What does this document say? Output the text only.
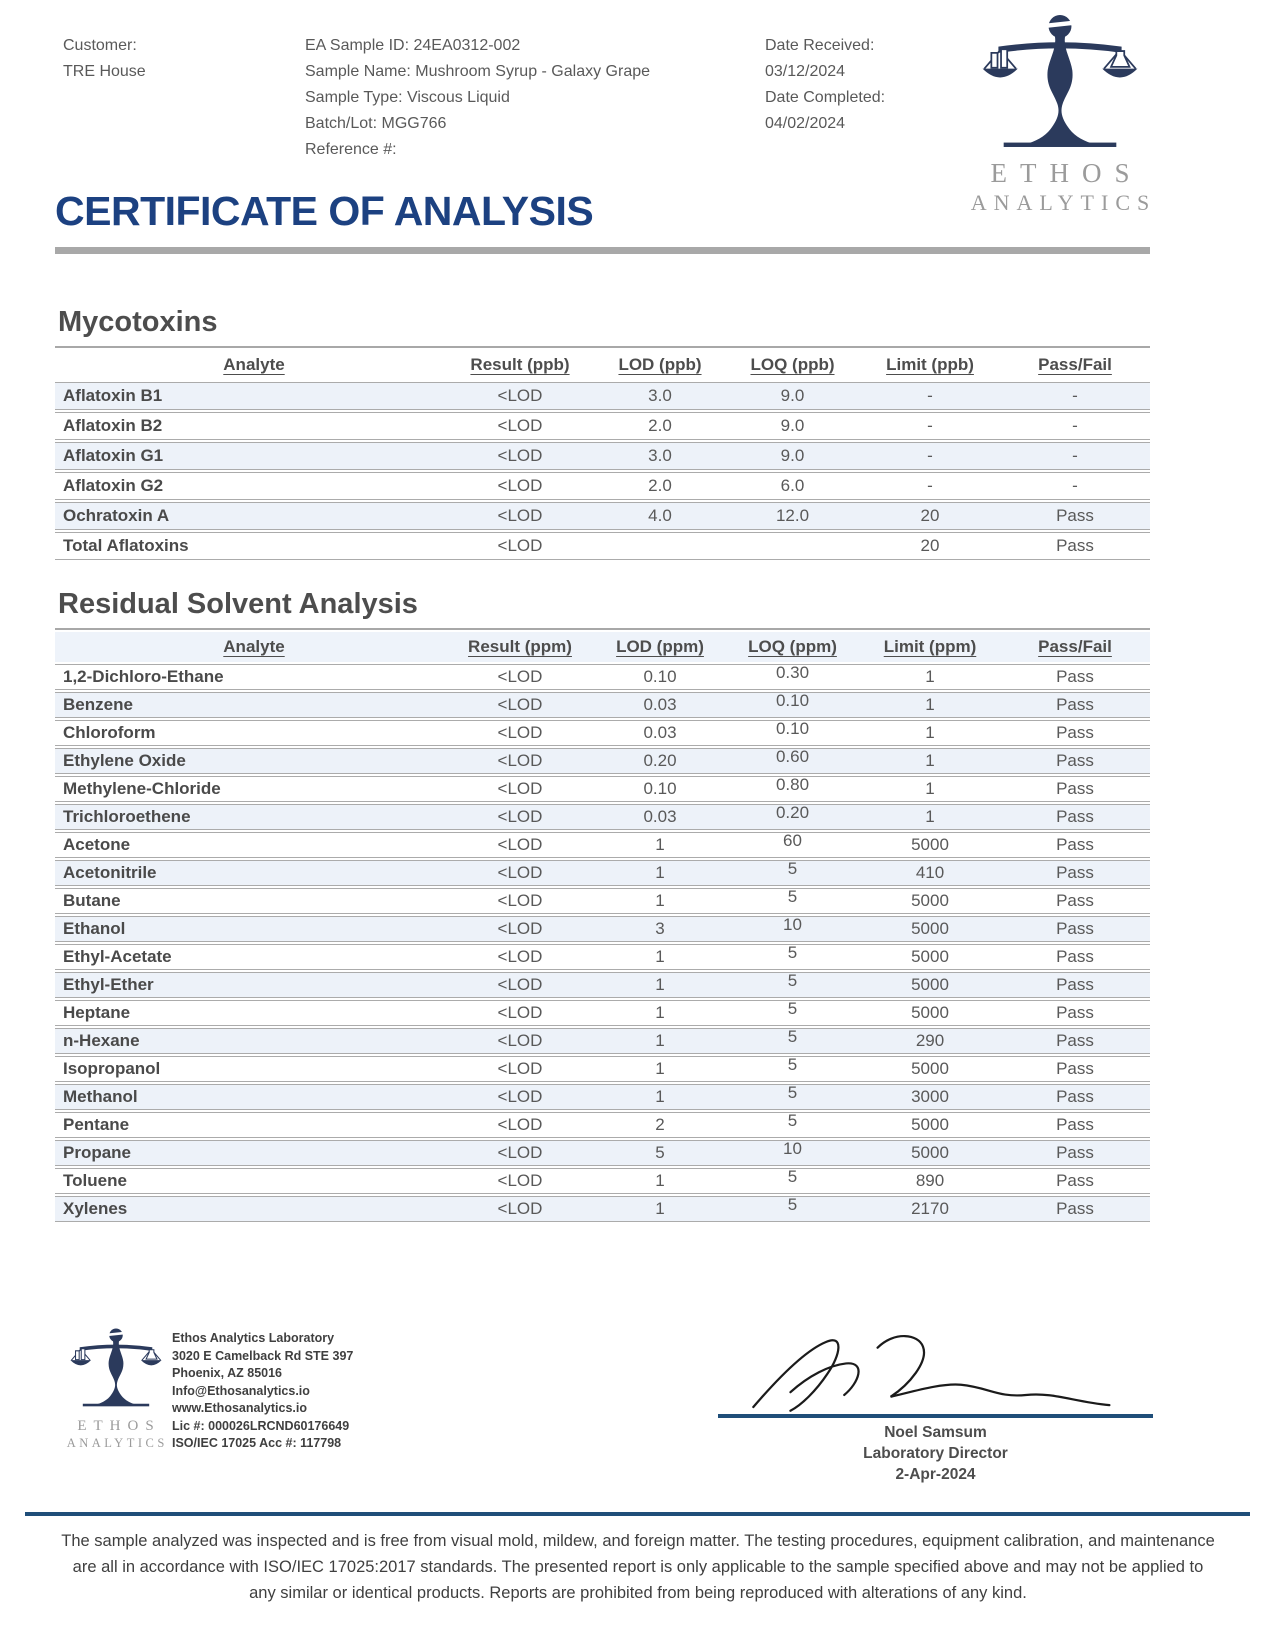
Customer:
TRE House
EA Sample ID: 24EA0312-002
Sample Name: Mushroom Syrup - Galaxy Grape
Sample Type: Viscous Liquid
Batch/Lot: MGG766
Reference #:
Date Received:
03/12/2024
Date Completed:
04/02/2024
ETHOS
ANALYTICS
CERTIFICATE OF ANALYSIS
Mycotoxins
Analyte	Result (ppb)	LOD (ppb)	LOQ (ppb)	Limit (ppb)	Pass/Fail
Aflatoxin B1	<LOD	3.0	9.0	-	-
Aflatoxin B2	<LOD	2.0	9.0	-	-
Aflatoxin G1	<LOD	3.0	9.0	-	-
Aflatoxin G2	<LOD	2.0	6.0	-	-
Ochratoxin A	<LOD	4.0	12.0	20	Pass
Total Aflatoxins	<LOD			20	Pass
Residual Solvent Analysis
Analyte	Result (ppm)	LOD (ppm)	LOQ (ppm)	Limit (ppm)	Pass/Fail
1,2-Dichloro-Ethane	<LOD	0.10	0.30	1	Pass
Benzene	<LOD	0.03	0.10	1	Pass
Chloroform	<LOD	0.03	0.10	1	Pass
Ethylene Oxide	<LOD	0.20	0.60	1	Pass
Methylene-Chloride	<LOD	0.10	0.80	1	Pass
Trichloroethene	<LOD	0.03	0.20	1	Pass
Acetone	<LOD	1	60	5000	Pass
Acetonitrile	<LOD	1	5	410	Pass
Butane	<LOD	1	5	5000	Pass
Ethanol	<LOD	3	10	5000	Pass
Ethyl-Acetate	<LOD	1	5	5000	Pass
Ethyl-Ether	<LOD	1	5	5000	Pass
Heptane	<LOD	1	5	5000	Pass
n-Hexane	<LOD	1	5	290	Pass
Isopropanol	<LOD	1	5	5000	Pass
Methanol	<LOD	1	5	3000	Pass
Pentane	<LOD	2	5	5000	Pass
Propane	<LOD	5	10	5000	Pass
Toluene	<LOD	1	5	890	Pass
Xylenes	<LOD	1	5	2170	Pass
ETHOS
ANALYTICS
Ethos Analytics Laboratory
3020 E Camelback Rd STE 397
Phoenix, AZ 85016
Info@Ethosanalytics.io
www.Ethosanalytics.io
Lic #: 000026LRCND60176649
ISO/IEC 17025 Acc #: 117798
Noel Samsum
Laboratory Director
2-Apr-2024
The sample analyzed was inspected and is free from visual mold, mildew, and foreign matter. The testing procedures, equipment calibration, and maintenance are all in accordance with ISO/IEC 17025:2017 standards. The presented report is only applicable to the sample specified above and may not be applied to any similar or identical products. Reports are prohibited from being reproduced with alterations of any kind.
